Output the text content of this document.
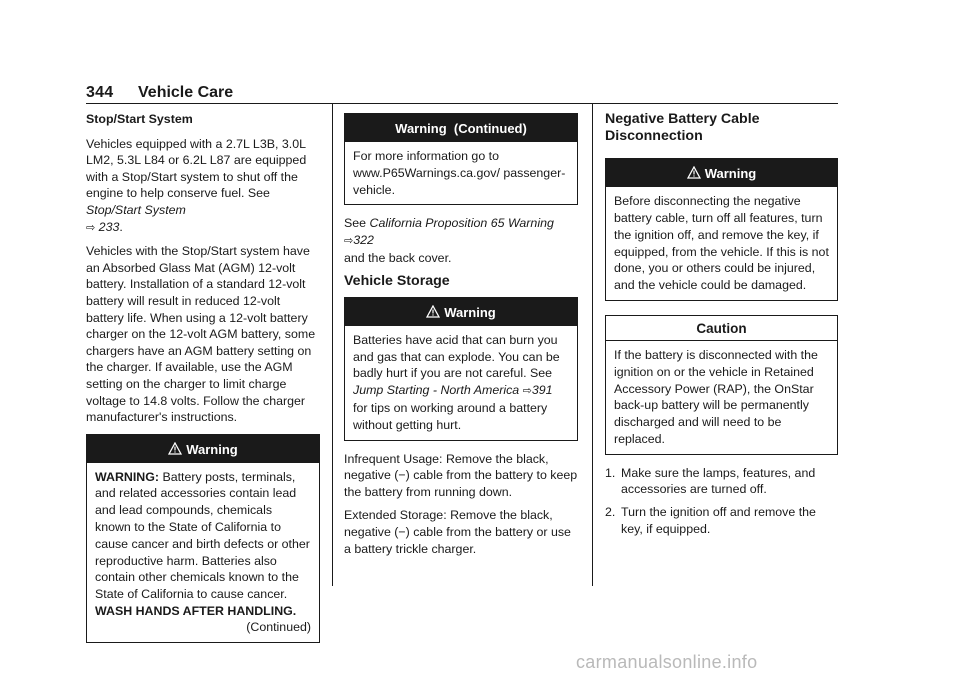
344 Vehicle Care

Stop/Start System

Vehicles equipped with a 2.7L L3B, 3.0L LM2, 5.3L L84 or 6.2L L87 are equipped with a Stop/Start system to shut off the engine to help conserve fuel. See Stop/Start System
⇨ 233.

Vehicles with the Stop/Start system have an Absorbed Glass Mat (AGM) 12-volt battery. Installation of a standard 12-volt battery will result in reduced 12-volt battery life. When using a 12-volt battery charger on the 12-volt AGM battery, some chargers have an AGM battery setting on the charger. If available, use the AGM setting on the charger to limit charge voltage to 14.8 volts. Follow the charger manufacturer's instructions.

Warning
WARNING: Battery posts, terminals, and related accessories contain lead and lead compounds, chemicals known to the State of California to cause cancer and birth defects or other reproductive harm. Batteries also contain other chemicals known to the State of California to cause cancer. WASH HANDS AFTER HANDLING.
(Continued)
Warning  (Continued)
For more information go to www.P65Warnings.ca.gov/ passenger-vehicle.

See California Proposition 65 Warning ⇨322
and the back cover.

Vehicle Storage

Warning
Batteries have acid that can burn you and gas that can explode. You can be badly hurt if you are not careful. See Jump Starting - North America ⇨391 for tips on working around a battery without getting hurt.

Infrequent Usage: Remove the black, negative (−) cable from the battery to keep the battery from running down.

Extended Storage: Remove the black, negative (−) cable from the battery or use a battery trickle charger.

Negative Battery Cable Disconnection

Warning
Before disconnecting the negative battery cable, turn off all features, turn the ignition off, and remove the key, if equipped, from the vehicle. If this is not done, you or others could be injured, and the vehicle could be damaged.
Caution
If the battery is disconnected with the ignition on or the vehicle in Retained Accessory Power (RAP), the OnStar back-up battery will be permanently discharged and will need to be replaced.
1. Make sure the lamps, features, and accessories are turned off.
2. Turn the ignition off and remove the key, if equipped.
carmanualsonline.info
